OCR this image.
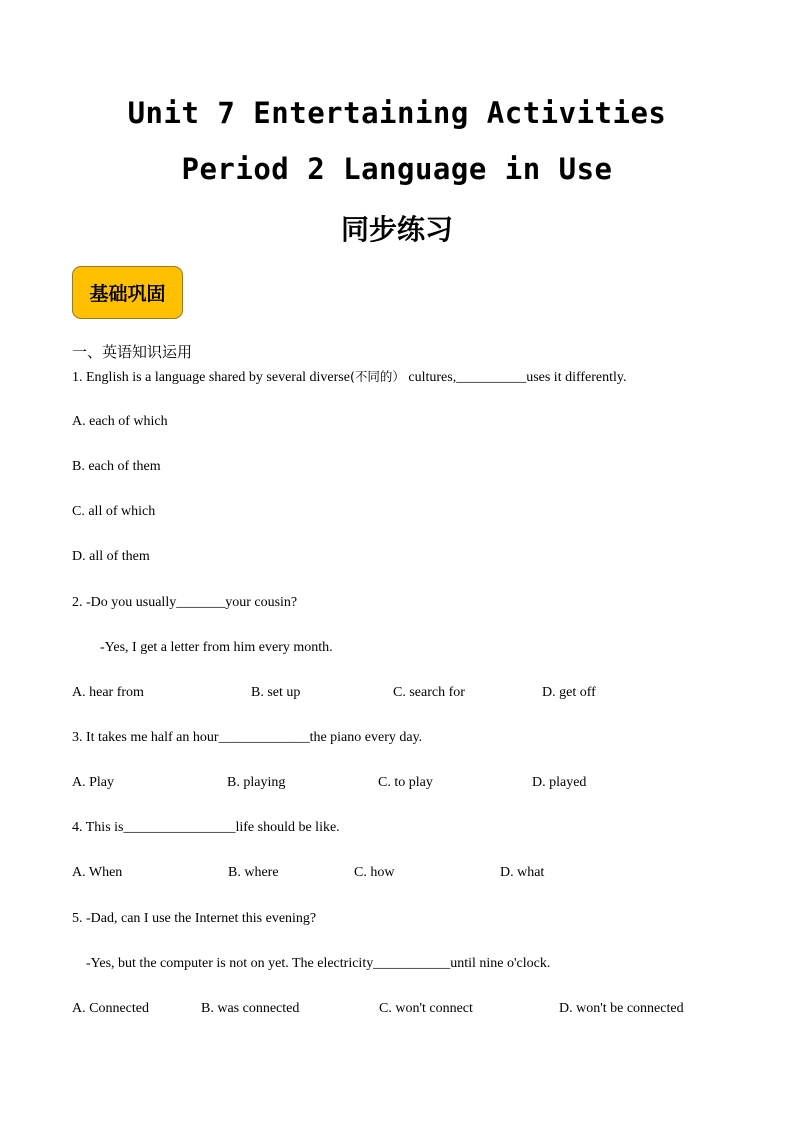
Unit 7 Entertaining Activities
Period 2 Language in Use
同步练习
基础巩固
一、英语知识运用
1. English is a language shared by several diverse(不同的） cultures,__________uses it differently.
A. each of which
B. each of them
C. all of which
D. all of them
2. -Do you usually_______your cousin?
-Yes, I get a letter from him every month.
A. hear from	B. set up	C. search for	D. get off
3. It takes me half an hour_____________the piano every day.
A. Play	B. playing	C. to play	D. played
4. This is________________life should be like.
A. When	B. where	C. how	D. what
5. -Dad, can I use the Internet this evening?
-Yes, but the computer is not on yet. The electricity___________until nine o'clock.
A. Connected	B. was connected	C. won't connect	D. won't be connected
